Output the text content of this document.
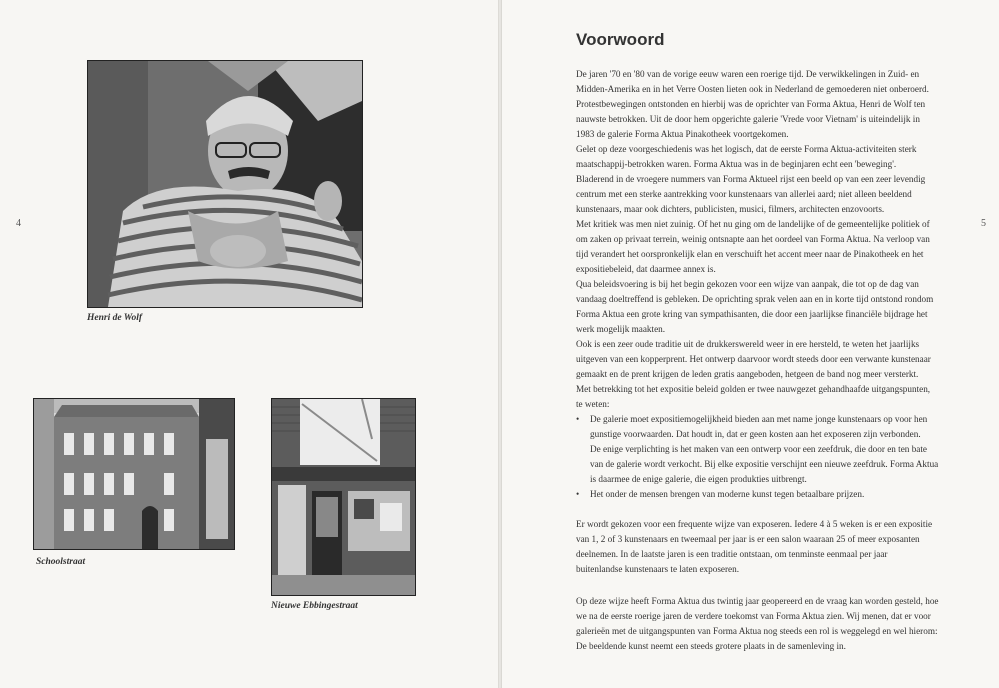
4
Henri de Wolf
Schoolstraat
Nieuwe Ebbingestraat
5
Voorwoord

De jaren '70 en '80 van de vorige eeuw waren een roerige tijd. De verwikkelingen in Zuid- en

Midden-Amerika en in het Verre Oosten lieten ook in Nederland de gemoederen niet onberoerd.

Protestbewegingen ontstonden en hierbij was de oprichter van Forma Aktua, Henri de Wolf ten

nauwste betrokken. Uit de door hem opgerichte galerie 'Vrede voor Vietnam' is uiteindelijk in

1983 de galerie Forma Aktua Pinakotheek voortgekomen.

Gelet op deze voorgeschiedenis was het logisch, dat de eerste Forma Aktua-activiteiten sterk

maatschappij-betrokken waren. Forma Aktua was in de beginjaren echt een 'beweging'.

Bladerend in de vroegere nummers van Forma Aktueel rijst een beeld op van een zeer levendig

centrum met een sterke aantrekking voor kunstenaars van allerlei aard; niet alleen beeldend

kunstenaars, maar ook dichters, publicisten, musici, filmers, architecten enzovoorts.

Met kritiek was men niet zuinig. Of het nu ging om de landelijke of de gemeentelijke politiek of

om zaken op privaat terrein, weinig ontsnapte aan het oordeel van Forma Aktua. Na verloop van

tijd verandert het oorspronkelijk elan en verschuift het accent meer naar de Pinakotheek en het

expositiebeleid, dat daarmee annex is.

Qua beleidsvoering is bij het begin gekozen voor een wijze van aanpak, die tot op de dag van

vandaag doeltreffend is gebleken. De oprichting sprak velen aan en in korte tijd ontstond rondom

Forma Aktua een grote kring van sympathisanten, die door een jaarlijkse financiële bijdrage het

werk mogelijk maakten.

Ook is een zeer oude traditie uit de drukkerswereld weer in ere hersteld, te weten het jaarlijks

uitgeven van een kopperprent. Het ontwerp daarvoor wordt steeds door een verwante kunstenaar

gemaakt en de prent krijgen de leden gratis aangeboden, hetgeen de band nog meer versterkt.

Met betrekking tot het expositie beleid golden er twee nauwgezet gehandhaafde uitgangspunten,

te weten:

• De galerie moet expositiemogelijkheid bieden aan met name jonge kunstenaars op voor hen

gunstige voorwaarden. Dat houdt in, dat er geen kosten aan het exposeren zijn verbonden.

De enige verplichting is het maken van een ontwerp voor een zeefdruk, die door en ten bate

van de galerie wordt verkocht. Bij elke expositie verschijnt een nieuwe zeefdruk. Forma Aktua

is daarmee de enige galerie, die eigen produkties uitbrengt.

• Het onder de mensen brengen van moderne kunst tegen betaalbare prijzen.

Er wordt gekozen voor een frequente wijze van exposeren. Iedere 4 à 5 weken is er een expositie

van 1, 2 of 3 kunstenaars en tweemaal per jaar is er een salon waaraan 25 of meer exposanten

deelnemen. In de laatste jaren is een traditie ontstaan, om tenminste eenmaal per jaar

buitenlandse kunstenaars te laten exposeren.

Op deze wijze heeft Forma Aktua dus twintig jaar geopereerd en de vraag kan worden gesteld, hoe

we na de eerste roerige jaren de verdere toekomst van Forma Aktua zien. Wij menen, dat er voor

galerieën met de uitgangspunten van Forma Aktua nog steeds een rol is weggelegd en wel hierom:

De beeldende kunst neemt een steeds grotere plaats in de samenleving in.
